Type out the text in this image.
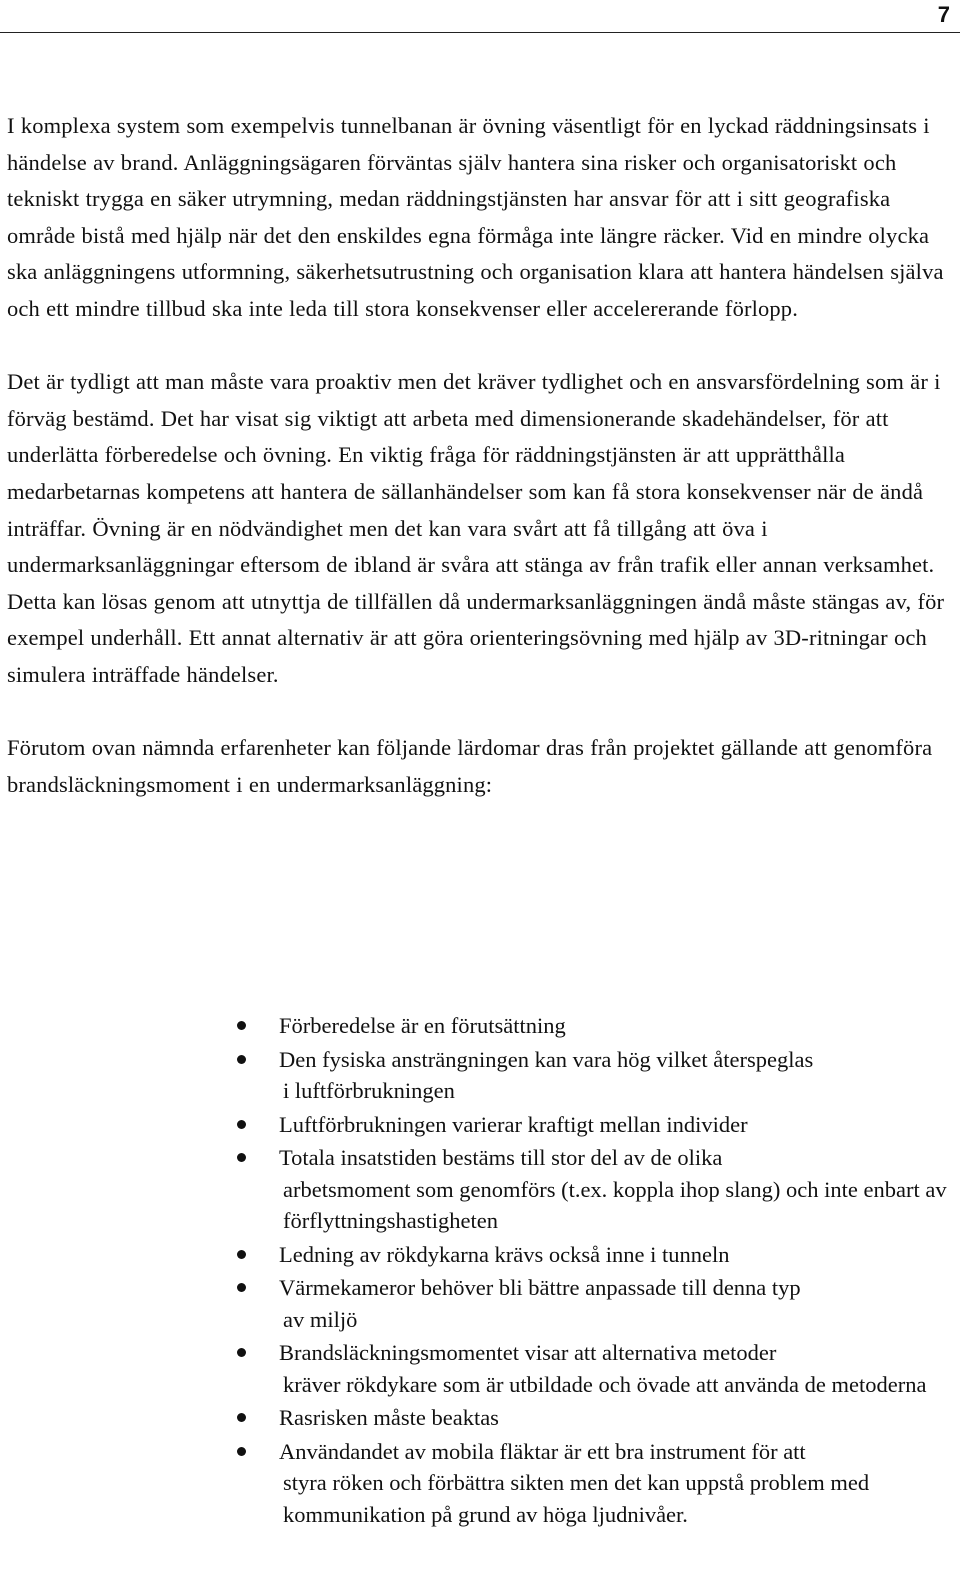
7

I komplexa system som exempelvis tunnelbanan är övning väsentligt för en lyckad räddningsinsats i händelse av brand. Anläggningsägaren förväntas själv hantera sina risker och organisatoriskt och tekniskt trygga en säker utrymning, medan räddningstjänsten har ansvar för att i sitt geografiska område bistå med hjälp när det den enskildes egna förmåga inte längre räcker. Vid en mindre olycka ska anläggningens utformning, säkerhetsutrustning och organisation klara att hantera händelsen själva och ett mindre tillbud ska inte leda till stora konsekvenser eller accelererande förlopp.

Det är tydligt att man måste vara proaktiv men det kräver tydlighet och en ansvarsfördelning som är i förväg bestämd. Det har visat sig viktigt att arbeta med dimensionerande skadehändelser, för att underlätta förberedelse och övning. En viktig fråga för räddningstjänsten är att upprätthålla medarbetarnas kompetens att hantera de sällanhändelser som kan få stora konsekvenser när de ändå inträffar. Övning är en nödvändighet men det kan vara svårt att få tillgång att öva i undermarksanläggningar eftersom de ibland är svåra att stänga av från trafik eller annan verksamhet. Detta kan lösas genom att utnyttja de tillfällen då undermarksanläggningen ändå måste stängas av, för exempel underhåll. Ett annat alternativ är att göra orienteringsövning med hjälp av 3D-ritningar och simulera inträffade händelser.

Förutom ovan nämnda erfarenheter kan följande lärdomar dras från projektet gällande att genomföra brandsläckningsmoment i en undermarksanläggning:

Förberedelse är en förutsättning
Den fysiska ansträngningen kan vara hög vilket återspeglas
i luftförbrukningen
Luftförbrukningen varierar kraftigt mellan individer
Totala insatstiden bestäms till stor del av de olika
arbetsmoment som genomförs (t.ex. koppla ihop slang) och inte enbart av förflyttningshastigheten
Ledning av rökdykarna krävs också inne i tunneln
Värmekameror behöver bli bättre anpassade till denna typ
av miljö
Brandsläckningsmomentet visar att alternativa metoder
kräver rökdykare som är utbildade och övade att använda de metoderna
Rasrisken måste beaktas
Användandet av mobila fläktar är ett bra instrument för att
styra röken och förbättra sikten men det kan uppstå problem med kommunikation på grund av höga ljudnivåer.
